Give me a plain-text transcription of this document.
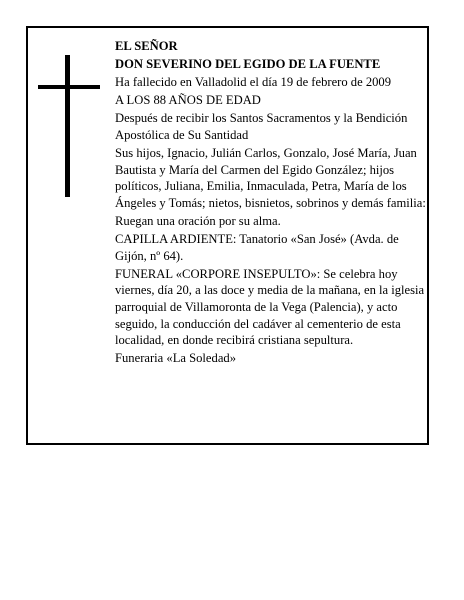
EL SEÑOR

DON SEVERINO DEL EGIDO DE LA FUENTE

Ha fallecido en Valladolid el día 19 de febrero de 2009

A LOS 88 AÑOS DE EDAD

Después de recibir los Santos Sacramentos y la Bendición Apostólica de Su Santidad

Sus hijos, Ignacio, Julián Carlos, Gonzalo, José María, Juan Bautista y María del Carmen del Egido González; hijos políticos, Juliana, Emilia, Inmaculada, Petra, María de los Ángeles y Tomás; nietos, bisnietos, sobrinos y demás familia:

Ruegan una oración por su alma.

CAPILLA ARDIENTE: Tanatorio «San José» (Avda. de Gijón, nº 64).

FUNERAL «CORPORE INSEPULTO»: Se celebra hoy viernes, día 20, a las doce y media de la mañana, en la iglesia parroquial de Villamoronta de la Vega (Palencia), y acto seguido, la conducción del cadáver al cementerio de esta localidad, en donde recibirá cristiana sepultura.

Funeraria «La Soledad»
